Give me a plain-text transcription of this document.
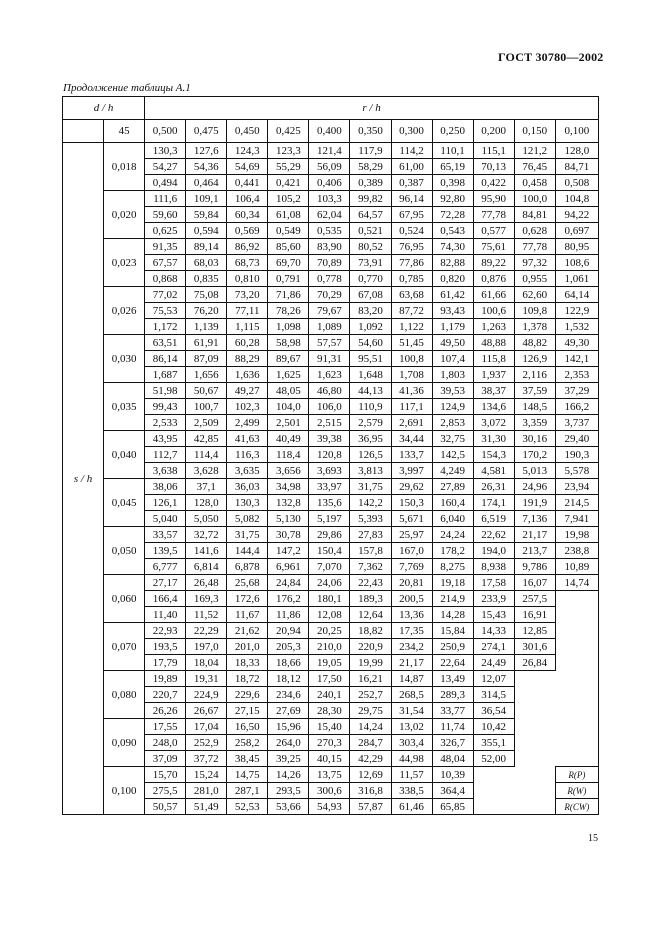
ГОСТ 30780—2002
Продолжение таблицы А.1
d / h		r / h										
	45	0,500	0,475	0,450	0,425	0,400	0,350	0,300	0,250	0,200	0,150	0,100
s / h	0,018	130,3	127,6	124,3	123,3	121,4	117,9	114,2	110,1	115,1	121,2	128,0
		54,27	54,36	54,69	55,29	56,09	58,29	61,00	65,19	70,13	76,45	84,71
		0,494	0,464	0,441	0,421	0,406	0,389	0,387	0,398	0,422	0,458	0,508
	0,020	111,6	109,1	106,4	105,2	103,3	99,82	96,14	92,80	95,90	100,0	104,8
		59,60	59,84	60,34	61,08	62,04	64,57	67,95	72,28	77,78	84,81	94,22
		0,625	0,594	0,569	0,549	0,535	0,521	0,524	0,543	0,577	0,628	0,697
	0,023	91,35	89,14	86,92	85,60	83,90	80,52	76,95	74,30	75,61	77,78	80,95
		67,57	68,03	68,73	69,70	70,89	73,91	77,86	82,88	89,22	97,32	108,6
		0,868	0,835	0,810	0,791	0,778	0,770	0,785	0,820	0,876	0,955	1,061
	0,026	77,02	75,08	73,20	71,86	70,29	67,08	63,68	61,42	61,66	62,60	64,14
		75,53	76,20	77,11	78,26	79,67	83,20	87,72	93,43	100,6	109,8	122,9
		1,172	1,139	1,115	1,098	1,089	1,092	1,122	1,179	1,263	1,378	1,532
	0,030	63,51	61,91	60,28	58,98	57,57	54,60	51,45	49,50	48,88	48,82	49,30
		86,14	87,09	88,29	89,67	91,31	95,51	100,8	107,4	115,8	126,9	142,1
		1,687	1,656	1,636	1,625	1,623	1,648	1,708	1,803	1,937	2,116	2,353
	0,035	51,98	50,67	49,27	48,05	46,80	44,13	41,36	39,53	38,37	37,59	37,29
		99,43	100,7	102,3	104,0	106,0	110,9	117,1	124,9	134,6	148,5	166,2
		2,533	2,509	2,499	2,501	2,515	2,579	2,691	2,853	3,072	3,359	3,737
	0,040	43,95	42,85	41,63	40,49	39,38	36,95	34,44	32,75	31,30	30,16	29,40
		112,7	114,4	116,3	118,4	120,8	126,5	133,7	142,5	154,3	170,2	190,3
		3,638	3,628	3,635	3,656	3,693	3,813	3,997	4,249	4,581	5,013	5,578
	0,045	38,06	37,1	36,03	34,98	33,97	31,75	29,62	27,89	26,31	24,96	23,94
		126,1	128,0	130,3	132,8	135,6	142,2	150,3	160,4	174,1	191,9	214,5
		5,040	5,050	5,082	5,130	5,197	5,393	5,671	6,040	6,519	7,136	7,941
	0,050	33,57	32,72	31,75	30,78	29,86	27,83	25,97	24,24	22,62	21,17	19,98
		139,5	141,6	144,4	147,2	150,4	157,8	167,0	178,2	194,0	213,7	238,8
		6,777	6,814	6,878	6,961	7,070	7,362	7,769	8,275	8,938	9,786	10,89
	0,060	27,17	26,48	25,68	24,84	24,06	22,43	20,81	19,18	17,58	16,07	14,74
		166,4	169,3	172,6	176,2	180,1	189,3	200,5	214,9	233,9	257,5	
		11,40	11,52	11,67	11,86	12,08	12,64	13,36	14,28	15,43	16,91	
	0,070	22,93	22,29	21,62	20,94	20,25	18,82	17,35	15,84	14,33	12,85	
		193,5	197,0	201,0	205,3	210,0	220,9	234,2	250,9	274,1	301,6	
		17,79	18,04	18,33	18,66	19,05	19,99	21,17	22,64	24,49	26,84	
	0,080	19,89	19,31	18,72	18,12	17,50	16,21	14,87	13,49	12,07		
		220,7	224,9	229,6	234,6	240,1	252,7	268,5	289,3	314,5		
		26,26	26,67	27,15	27,69	28,30	29,75	31,54	33,77	36,54		
	0,090	17,55	17,04	16,50	15,96	15,40	14,24	13,02	11,74	10,42		
		248,0	252,9	258,2	264,0	270,3	284,7	303,4	326,7	355,1		
		37,09	37,72	38,45	39,25	40,15	42,29	44,98	48,04	52,00		
	0,100	15,70	15,24	14,75	14,26	13,75	12,69	11,57	10,39			R(P)
		275,5	281,0	287,1	293,5	300,6	316,8	338,5	364,4			R(W)
		50,57	51,49	52,53	53,66	54,93	57,87	61,46	65,85			R(CW)
15
